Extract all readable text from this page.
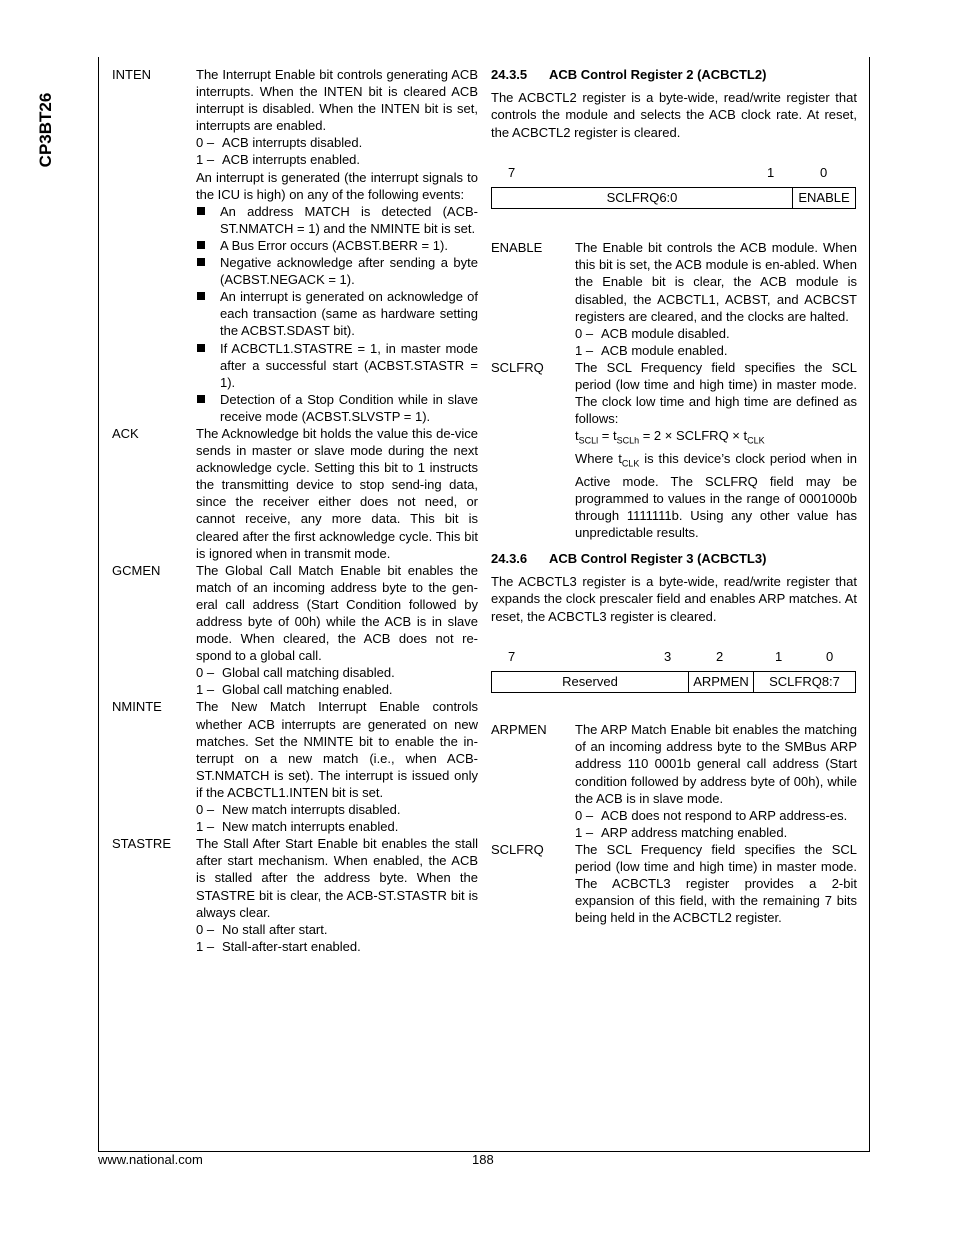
CP3BT26
INTEN	The Interrupt Enable bit controls generating ACB interrupts. When the INTEN bit is cleared ACB interrupt is disabled. When the INTEN bit is set, interrupts are enabled.

0 – ACB interrupts disabled.
1 – ACB interrupts enabled.

An interrupt is generated (the interrupt signals to the ICU is high) on any of the following events:

An address MATCH is detected (ACB-ST.NMATCH = 1) and the NMINTE bit is set.
A Bus Error occurs (ACBST.BERR = 1).
Negative acknowledge after sending a byte (ACBST.NEGACK = 1).
An interrupt is generated on acknowledge of each transaction (same as hardware setting the ACBST.SDAST bit).
If ACBCTL1.STASTRE = 1, in master mode after a successful start (ACBST.STASTR = 1).
Detection of a Stop Condition while in slave receive mode (ACBST.SLVSTP = 1).
ACK	The Acknowledge bit holds the value this de-vice sends in master or slave mode during the next acknowledge cycle. Setting this bit to 1 instructs the transmitting device to stop send-ing data, since the receiver either does not need, or cannot receive, any more data. This bit is cleared after the first acknowledge cycle. This bit is ignored when in transmit mode.

GCMEN	The Global Call Match Enable bit enables the match of an incoming address byte to the gen-eral call address (Start Condition followed by address byte of 00h) while the ACB is in slave mode. When cleared, the ACB does not re-spond to a global call.

0 – Global call matching disabled.
1 – Global call matching enabled.
NMINTE	The New Match Interrupt Enable controls whether ACB interrupts are generated on new matches. Set the NMINTE bit to enable the in-terrupt on a new match (i.e., when ACB-ST.NMATCH is set). The interrupt is issued only if the ACBCTL1.INTEN bit is set.

0 – New match interrupts disabled.
1 – New match interrupts enabled.
STASTRE	The Stall After Start Enable bit enables the stall after start mechanism. When enabled, the ACB is stalled after the address byte. When the STASTRE bit is clear, the ACB-ST.STASTR bit is always clear.

0 – No stall after start.
1 – Stall-after-start enabled.
24.3.5	ACB Control Register 2 (ACBCTL2)

The ACBCTL2 register is a byte-wide, read/write register that controls the module and selects the ACB clock rate. At reset, the ACBCTL2 register is cleared.

7	1	0
SCLFRQ6:0	ENABLE
ENABLE	The Enable bit controls the ACB module. When this bit is set, the ACB module is en-abled. When the Enable bit is clear, the ACB module is disabled, the ACBCTL1, ACBST, and ACBCST registers are cleared, and the clocks are halted.

0 – ACB module disabled.
1 – ACB module enabled.
SCLFRQ	The SCL Frequency field specifies the SCL period (low time and high time) in master mode. The clock low time and high time are defined as follows:

$t_{SCLl} = t_{SCLh} = 2$ × SCLFRQ × $t_{CLK}$

Where $t_{CLK}$ is this device’s clock period when in Active mode. The SCLFRQ field may be programmed to values in the range of 0001000b through 1111111b. Using any other value has unpredictable results.

24.3.6	ACB Control Register 3 (ACBCTL3)

The ACBCTL3 register is a byte-wide, read/write register that expands the clock prescaler field and enables ARP matches. At reset, the ACBCTL3 register is cleared.

7	3	2	1	0
Reserved	ARPMEN	SCLFRQ8:7
ARPMEN	The ARP Match Enable bit enables the matching of an incoming address byte to the SMBus ARP address 110 0001b general call address (Start condition followed by address byte of 00h), while the ACB is in slave mode.

0 – ACB does not respond to ARP address-es.
1 – ARP address matching enabled.
SCLFRQ	The SCL Frequency field specifies the SCL period (low time and high time) in master mode. The ACBCTL3 register provides a 2-bit expansion of this field, with the remaining 7 bits being held in the ACBCTL2 register.

www.national.com	188
